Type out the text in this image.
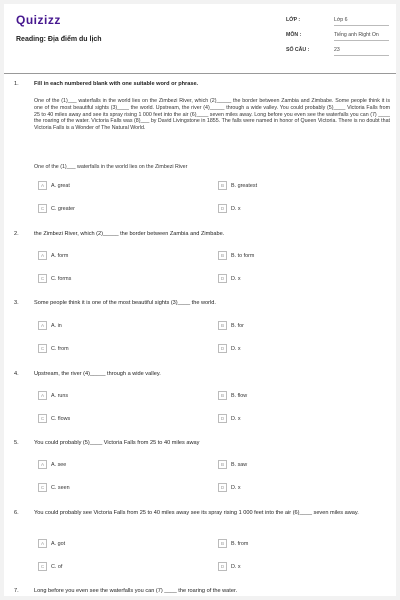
Quizizz
Reading: Địa điểm du lịch
LỚP :	Lớp 6
MÔN :	Tiếng anh Right On
SỐ CÂU :	23
1.	Fill in each numbered blank with one suitable word or phrase.
One of the (1)___ waterfalls in the world lies on the Zimbezi River, which (2)_____ the border between Zambia and Zimbabe. Some people think it is one of the most beautiful sights (3)____ the world. Upstream, the river (4)_____ through a wide valley. You could probably (5)____ Victoria Falls from 25 to 40 miles away and see its spray rising 1 000 feet into the air (6)____ seven miles away. Long before you even see the waterfalls you can (7) ____ the roaring of the water. Victoria Falls was (8)___ by David Livingstone in 1855. The falls were named in honor of Queen Victoria. There is no doubt that Victoria Falls is a Wonder of The Natural World.
One of the (1)___ waterfalls in the world lies on the Zimbezi River
A	A. great	B	B. greatest
C	C. greater	D	D. x
2.	the Zimbezi River, which (2)_____ the border between Zambia and Zimbabe.
A	A. form	B	B. to form
C	C. forms	D	D. x
3.	Some people think it is one of the most beautiful sights (3)____ the world.
A	A. in	B	B. for
C	C. from	D	D. x
4.	Upstream, the river (4)_____ through a wide valley.
A	A. runs	B	B. flow
C	C. flows	D	D. x
5.	You could probably (5)____ Victoria Falls from 25 to 40 miles away
A	A. see	B	B. saw
C	C. seen	D	D. x
6.	You could probably see Victoria Falls from 25 to 40 miles away see its spray rising 1 000 feet into the air (6)____ seven miles away.
A	A. got	B	B. from
C	C. of	D	D. x
7.	Long before you even see the waterfalls you can (7) ____ the roaring of the water.
